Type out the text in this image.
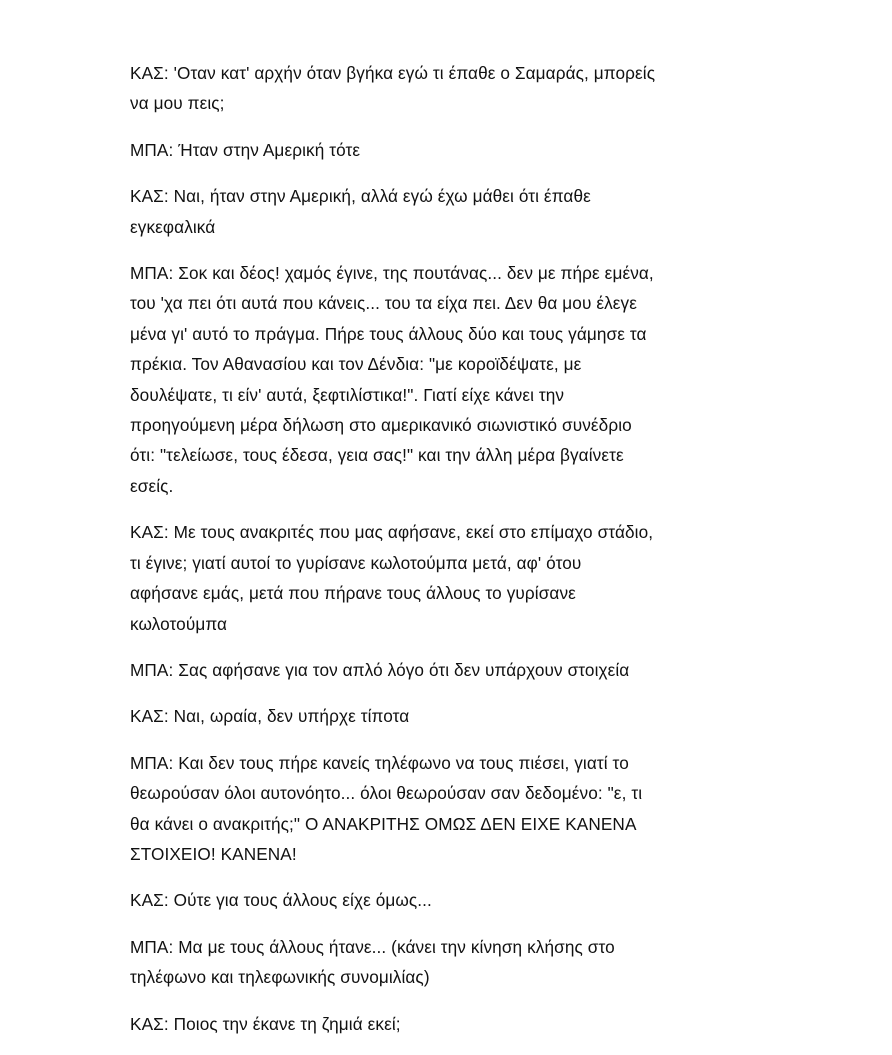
ΚΑΣ: 'Οταν κατ' αρχήν όταν βγήκα εγώ τι έπαθε ο Σαμαράς, μπορείς
να μου πεις;

ΜΠΑ: Ήταν στην Αμερική τότε

ΚΑΣ: Ναι, ήταν στην Αμερική, αλλά εγώ έχω μάθει ότι έπαθε
εγκεφαλικά

ΜΠΑ: Σοκ και δέος! χαμός έγινε, της πουτάνας... δεν με πήρε εμένα,
του 'χα πει ότι αυτά που κάνεις... του τα είχα πει. Δεν θα μου έλεγε
μένα γι' αυτό το πράγμα. Πήρε τους άλλους δύο και τους γάμησε τα
πρέκια. Τον Αθανασίου και τον Δένδια: "με κοροϊδέψατε, με
δουλέψατε, τι είν' αυτά, ξεφτιλίστικα!". Γιατί είχε κάνει την
προηγούμενη μέρα δήλωση στο αμερικανικό σιωνιστικό συνέδριο
ότι: "τελείωσε, τους έδεσα, γεια σας!" και την άλλη μέρα βγαίνετε
εσείς.

ΚΑΣ: Με τους ανακριτές που μας αφήσανε, εκεί στο επίμαχο στάδιο,
τι έγινε; γιατί αυτοί το γυρίσανε κωλοτούμπα μετά, αφ' ότου
αφήσανε εμάς, μετά που πήρανε τους άλλους το γυρίσανε
κωλοτούμπα

ΜΠΑ: Σας αφήσανε για τον απλό λόγο ότι δεν υπάρχουν στοιχεία

ΚΑΣ: Ναι, ωραία, δεν υπήρχε τίποτα

ΜΠΑ: Και δεν τους πήρε κανείς τηλέφωνο να τους πιέσει, γιατί το
θεωρούσαν όλοι αυτονόητο... όλοι θεωρούσαν σαν δεδομένο: "ε, τι
θα κάνει ο ανακριτής;" Ο ΑΝΑΚΡΙΤΗΣ ΟΜΩΣ ΔΕΝ ΕΙΧΕ ΚΑΝΕΝΑ
ΣΤΟΙΧΕΙΟ! ΚΑΝΕΝΑ!

ΚΑΣ: Ούτε για τους άλλους είχε όμως...

ΜΠΑ: Μα με τους άλλους ήτανε... (κάνει την κίνηση κλήσης στο
τηλέφωνο και τηλεφωνικής συνομιλίας)

ΚΑΣ: Ποιος την έκανε τη ζημιά εκεί;
